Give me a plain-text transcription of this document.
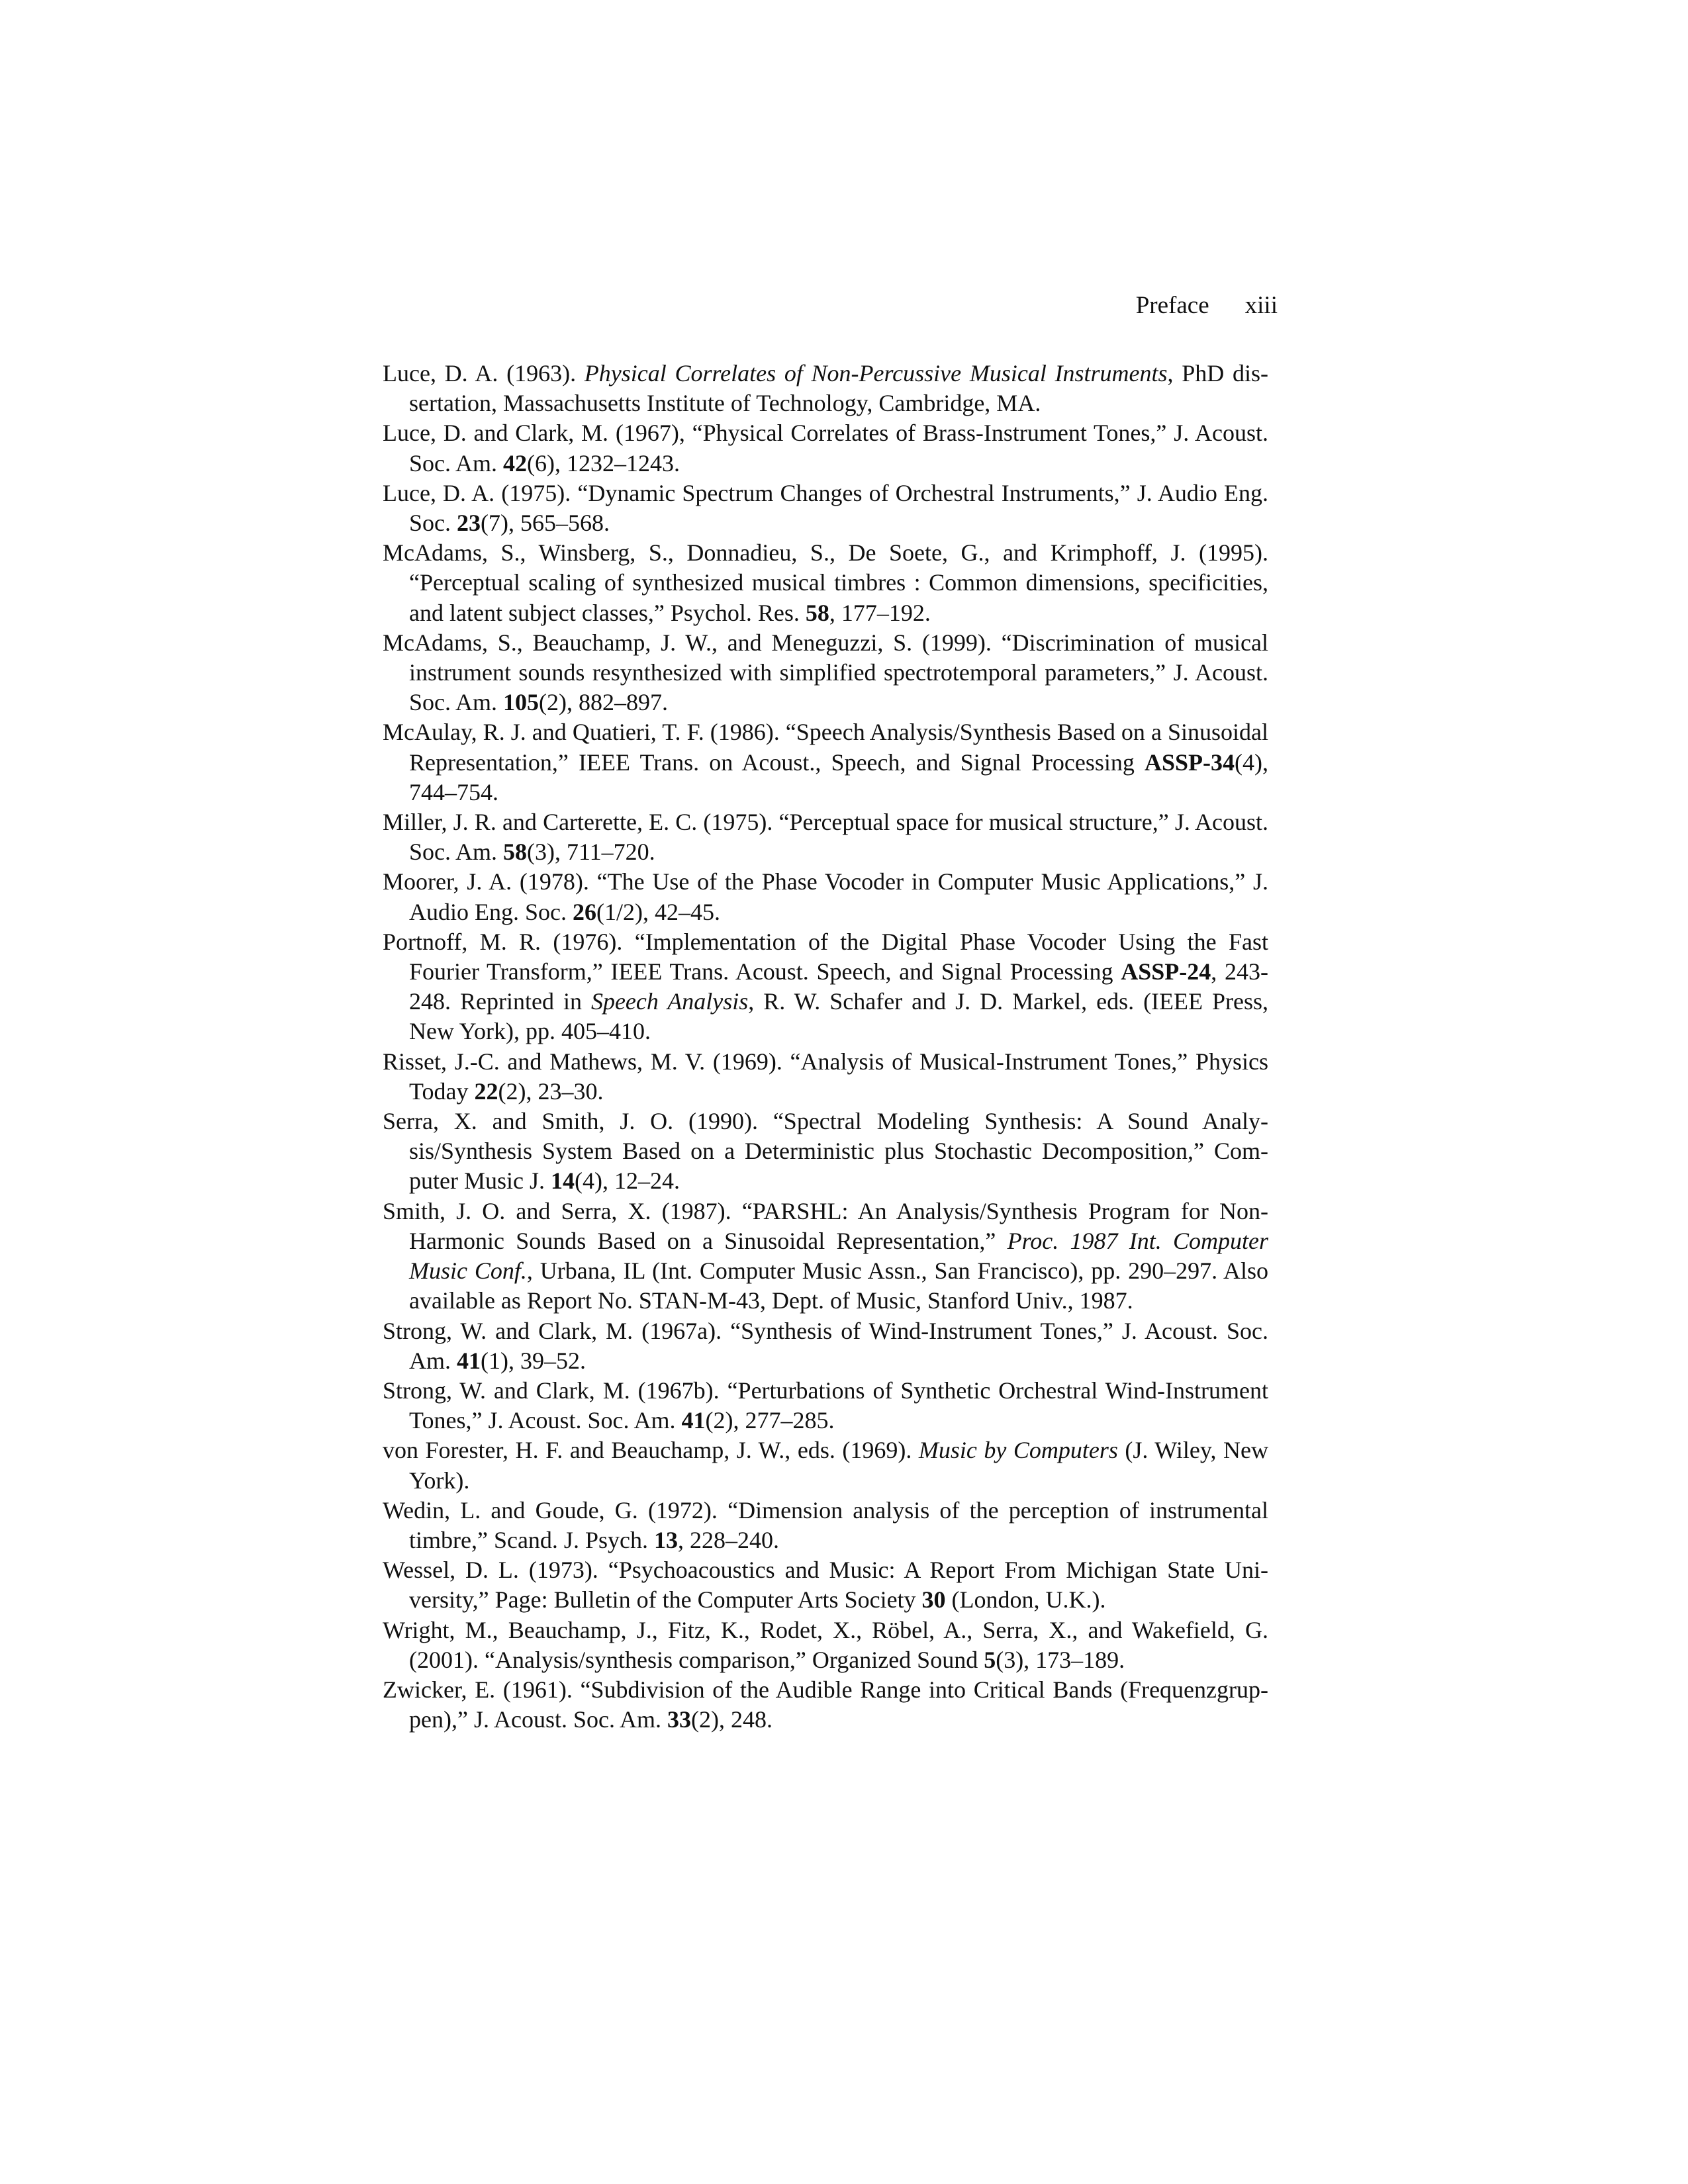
Preface xiii
Luce, D. A. (1963). Physical Correlates of Non-Percussive Musical Instruments, PhD dissertation, Massachusetts Institute of Technology, Cambridge, MA.
Luce, D. and Clark, M. (1967), “Physical Correlates of Brass-Instrument Tones,” J. Acoust. Soc. Am. 42(6), 1232–1243.
Luce, D. A. (1975). “Dynamic Spectrum Changes of Orchestral Instruments,” J. Audio Eng. Soc. 23(7), 565–568.
McAdams, S., Winsberg, S., Donnadieu, S., De Soete, G., and Krimphoff, J. (1995). “Perceptual scaling of synthesized musical timbres : Common dimensions, specificities, and latent subject classes,” Psychol. Res. 58, 177–192.
McAdams, S., Beauchamp, J. W., and Meneguzzi, S. (1999). “Discrimination of musical instrument sounds resynthesized with simplified spectrotemporal parameters,” J. Acoust. Soc. Am. 105(2), 882–897.
McAulay, R. J. and Quatieri, T. F. (1986). “Speech Analysis/Synthesis Based on a Sinusoidal Representation,” IEEE Trans. on Acoust., Speech, and Signal Processing ASSP-34(4), 744–754.
Miller, J. R. and Carterette, E. C. (1975). “Perceptual space for musical structure,” J. Acoust. Soc. Am. 58(3), 711–720.
Moorer, J. A. (1978). “The Use of the Phase Vocoder in Computer Music Applications,” J. Audio Eng. Soc. 26(1/2), 42–45.
Portnoff, M. R. (1976). “Implementation of the Digital Phase Vocoder Using the Fast Fourier Transform,” IEEE Trans. Acoust. Speech, and Signal Processing ASSP-24, 243-248. Reprinted in Speech Analysis, R. W. Schafer and J. D. Markel, eds. (IEEE Press, New York), pp. 405–410.
Risset, J.-C. and Mathews, M. V. (1969). “Analysis of Musical-Instrument Tones,” Physics Today 22(2), 23–30.
Serra, X. and Smith, J. O. (1990). “Spectral Modeling Synthesis: A Sound Analysis/Synthesis System Based on a Deterministic plus Stochastic Decomposition,” Computer Music J. 14(4), 12–24.
Smith, J. O. and Serra, X. (1987). “PARSHL: An Analysis/Synthesis Program for Non-Harmonic Sounds Based on a Sinusoidal Representation,” Proc. 1987 Int. Computer Music Conf., Urbana, IL (Int. Computer Music Assn., San Francisco), pp. 290–297. Also available as Report No. STAN-M-43, Dept. of Music, Stanford Univ., 1987.
Strong, W. and Clark, M. (1967a). “Synthesis of Wind-Instrument Tones,” J. Acoust. Soc. Am. 41(1), 39–52.
Strong, W. and Clark, M. (1967b). “Perturbations of Synthetic Orchestral Wind-Instrument Tones,” J. Acoust. Soc. Am. 41(2), 277–285.
von Forester, H. F. and Beauchamp, J. W., eds. (1969). Music by Computers (J. Wiley, New York).
Wedin, L. and Goude, G. (1972). “Dimension analysis of the perception of instrumental timbre,” Scand. J. Psych. 13, 228–240.
Wessel, D. L. (1973). “Psychoacoustics and Music: A Report From Michigan State University,” Page: Bulletin of the Computer Arts Society 30 (London, U.K.).
Wright, M., Beauchamp, J., Fitz, K., Rodet, X., Röbel, A., Serra, X., and Wakefield, G. (2001). “Analysis/synthesis comparison,” Organized Sound 5(3), 173–189.
Zwicker, E. (1961). “Subdivision of the Audible Range into Critical Bands (Frequenzgruppen),” J. Acoust. Soc. Am. 33(2), 248.
